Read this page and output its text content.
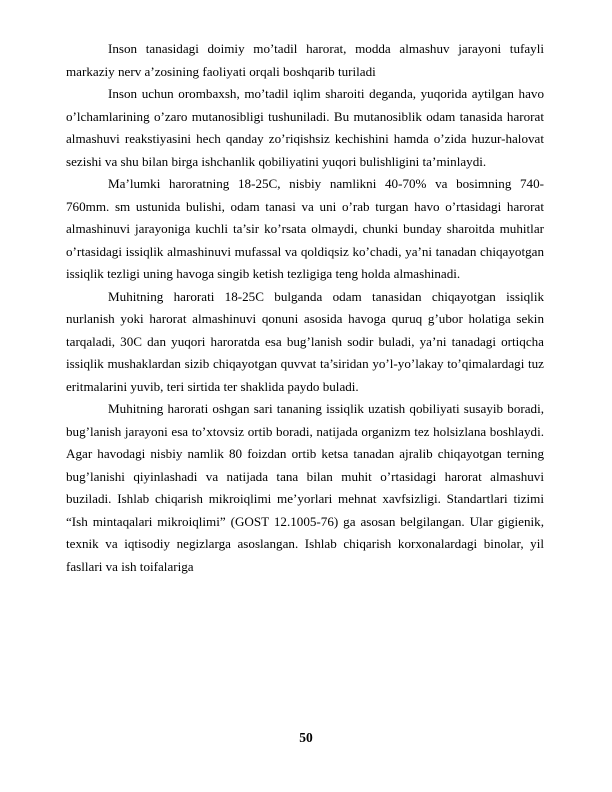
Inson tanasidagi doimiy mo’tadil harorat, modda almashuv jarayoni tufayli markaziy nerv a’zosining faoliyati orqali boshqarib turiladi

Inson uchun orombaxsh, mo’tadil iqlim sharoiti deganda, yuqorida aytilgan havo o’lchamlarining o’zaro mutanosibligi tushuniladi. Bu mutanosiblik odam tanasida harorat almashuvi reakstiyasini hech qanday zo’riqishsiz kechishini hamda o’zida huzur-halovat sezishi va shu bilan birga ishchanlik qobiliyatini yuqori bulishligini ta’minlaydi.

Ma’lumki haroratning 18-25C, nisbiy namlikni 40-70% va bosimning 740-760mm. sm ustunida bulishi, odam tanasi va uni o’rab turgan havo o’rtasidagi harorat almashinuvi jarayoniga kuchli ta’sir ko’rsata olmaydi, chunki bunday sharoitda muhitlar o’rtasidagi issiqlik almashinuvi mufassal va qoldiqsiz ko’chadi, ya’ni tanadan chiqayotgan issiqlik tezligi uning havoga singib ketish tezligiga teng holda almashinadi.

Muhitning harorati 18-25C bulganda odam tanasidan chiqayotgan issiqlik nurlanish yoki harorat almashinuvi qonuni asosida havoga quruq g’ubor holatiga sekin tarqaladi, 30C dan yuqori haroratda esa bug’lanish sodir buladi, ya’ni tanadagi ortiqcha issiqlik mushaklardan sizib chiqayotgan quvvat ta’siridan yo’l-yo’lakay to’qimalardagi tuz eritmalarini yuvib, teri sirtida ter shaklida paydo buladi.

Muhitning harorati oshgan sari tananing issiqlik uzatish qobiliyati susayib boradi, bug’lanish jarayoni esa to’xtovsiz ortib boradi, natijada organizm tez holsizlana boshlaydi. Agar havodagi nisbiy namlik 80 foizdan ortib ketsa tanadan ajralib chiqayotgan terning bug’lanishi qiyinlashadi va natijada tana bilan muhit o’rtasidagi harorat almashuvi buziladi. Ishlab chiqarish mikroiqlimi me’yorlari mehnat xavfsizligi. Standartlari tizimi “Ish mintaqalari mikroiqlimi” (GOST 12.1005-76) ga asosan belgilangan. Ular gigienik, texnik va iqtisodiy negizlarga asoslangan. Ishlab chiqarish korxonalardagi binolar, yil fasllari va ish toifalariga

50
